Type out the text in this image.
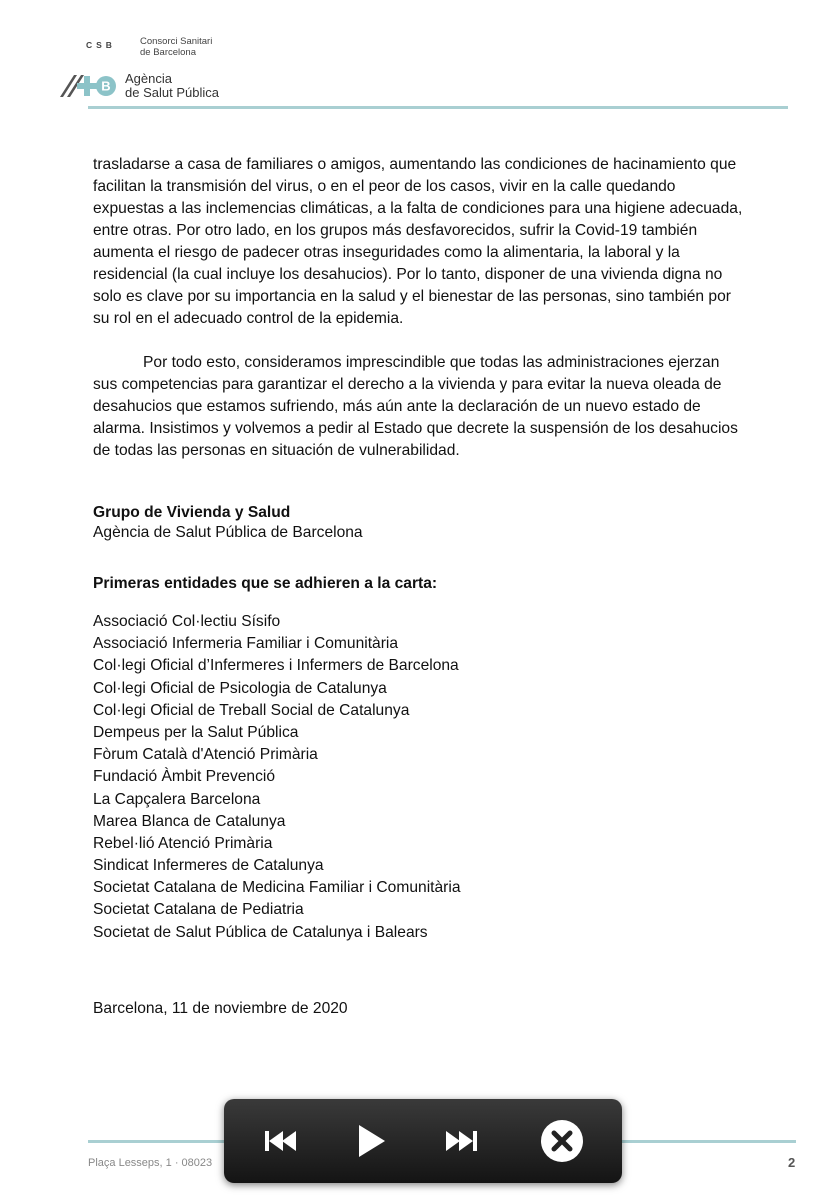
CSB	Consorci Sanitari
de Barcelona
B Agència
de Salut Pública

trasladarse a casa de familiares o amigos, aumentando las condiciones de hacinamiento que facilitan la transmisión del virus, o en el peor de los casos, vivir en la calle quedando expuestas a las inclemencias climáticas, a la falta de condiciones para una higiene adecuada, entre otras. Por otro lado, en los grupos más desfavorecidos, sufrir la Covid-19 también aumenta el riesgo de padecer otras inseguridades como la alimentaria, la laboral y la residencial (la cual incluye los desahucios). Por lo tanto, disponer de una vivienda digna no solo es clave por su importancia en la salud y el bienestar de las personas, sino también por su rol en el adecuado control de la epidemia.

Por todo esto, consideramos imprescindible que todas las administraciones ejerzan sus competencias para garantizar el derecho a la vivienda y para evitar la nueva oleada de desahucios que estamos sufriendo, más aún ante la declaración de un nuevo estado de alarma. Insistimos y volvemos a pedir al Estado que decrete la suspensión de los desahucios de todas las personas en situación de vulnerabilidad.

Grupo de Vivienda y Salud
Agència de Salut Pública de Barcelona
Primeras entidades que se adhieren a la carta:
Associació Col·lectiu Sísifo
Associació Infermeria Familiar i Comunitària
Col·legi Oficial d’Infermeres i Infermers de Barcelona
Col·legi Oficial de Psicologia de Catalunya
Col·legi Oficial de Treball Social de Catalunya
Dempeus per la Salut Pública
Fòrum Català d'Atenció Primària
Fundació Àmbit Prevenció
La Capçalera Barcelona
Marea Blanca de Catalunya
Rebel·lió Atenció Primària
Sindicat Infermeres de Catalunya
Societat Catalana de Medicina Familiar i Comunitària
Societat Catalana de Pediatria
Societat de Salut Pública de Catalunya i Balears
Barcelona, 11 de noviembre de 2020
Plaça Lesseps, 1 · 08023	2
